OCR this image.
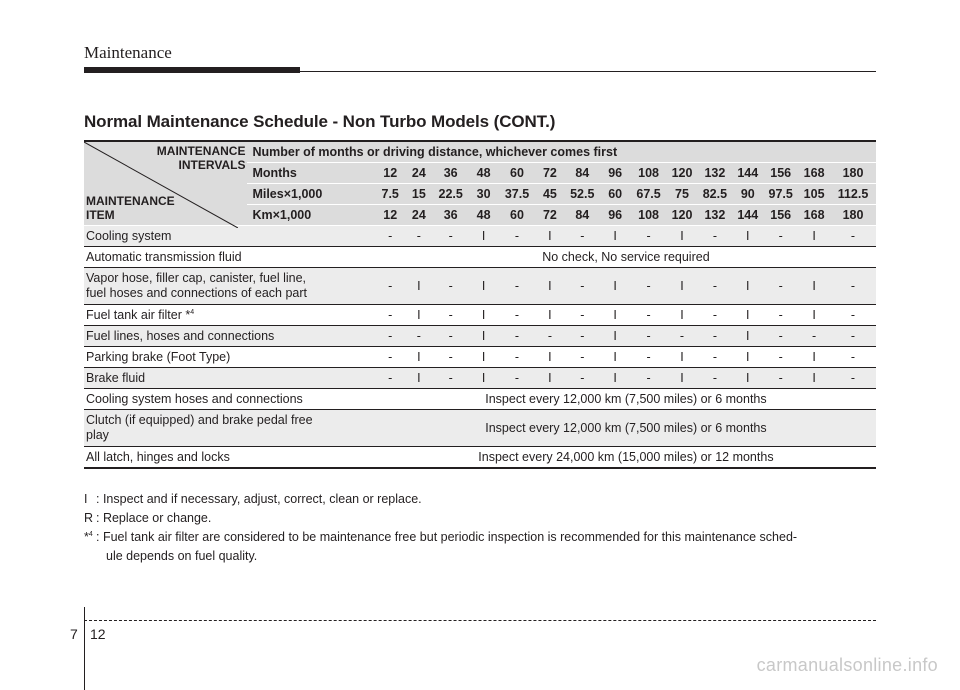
Maintenance
Normal Maintenance Schedule - Non Turbo Models (CONT.)
MAINTENANCE
INTERVALS
MAINTENANCE
ITEM	Number of months or driving distance, whichever comes first															
	Months	12	24	36	48	60	72	84	96	108	120	132	144	156	168	180
	Miles×1,000	7.5	15	22.5	30	37.5	45	52.5	60	67.5	75	82.5	90	97.5	105	112.5
	Km×1,000	12	24	36	48	60	72	84	96	108	120	132	144	156	168	180
Cooling system		-	-	-	I	-	I	-	I	-	I	-	I	-	I	-
Automatic transmission fluid		No check, No service required														
Vapor hose, filler cap, canister, fuel line,
fuel hoses and connections of each part		-	I	-	I	-	I	-	I	-	I	-	I	-	I	-
Fuel tank air filter *$^4$		-	I	-	I	-	I	-	I	-	I	-	I	-	I	-
Fuel lines, hoses and connections		-	-	-	I	-	-	-	I	-	-	-	I	-	-	-
Parking brake (Foot Type)		-	I	-	I	-	I	-	I	-	I	-	I	-	I	-
Brake fluid		-	I	-	I	-	I	-	I	-	I	-	I	-	I	-
Cooling system hoses and connections		Inspect every 12,000 km (7,500 miles) or 6 months														
Clutch (if equipped) and brake pedal free
play		Inspect every 12,000 km (7,500 miles) or 6 months														
All latch, hinges and locks		Inspect every 24,000 km (15,000 miles) or 12 months														
I : Inspect and if necessary, adjust, correct, clean or replace.
R : Replace or change.
*$^4$ : Fuel tank air filter are considered to be maintenance free but periodic inspection is recommended for this maintenance sched-
ule depends on fuel quality.
7 12
carmanualsonline.info
